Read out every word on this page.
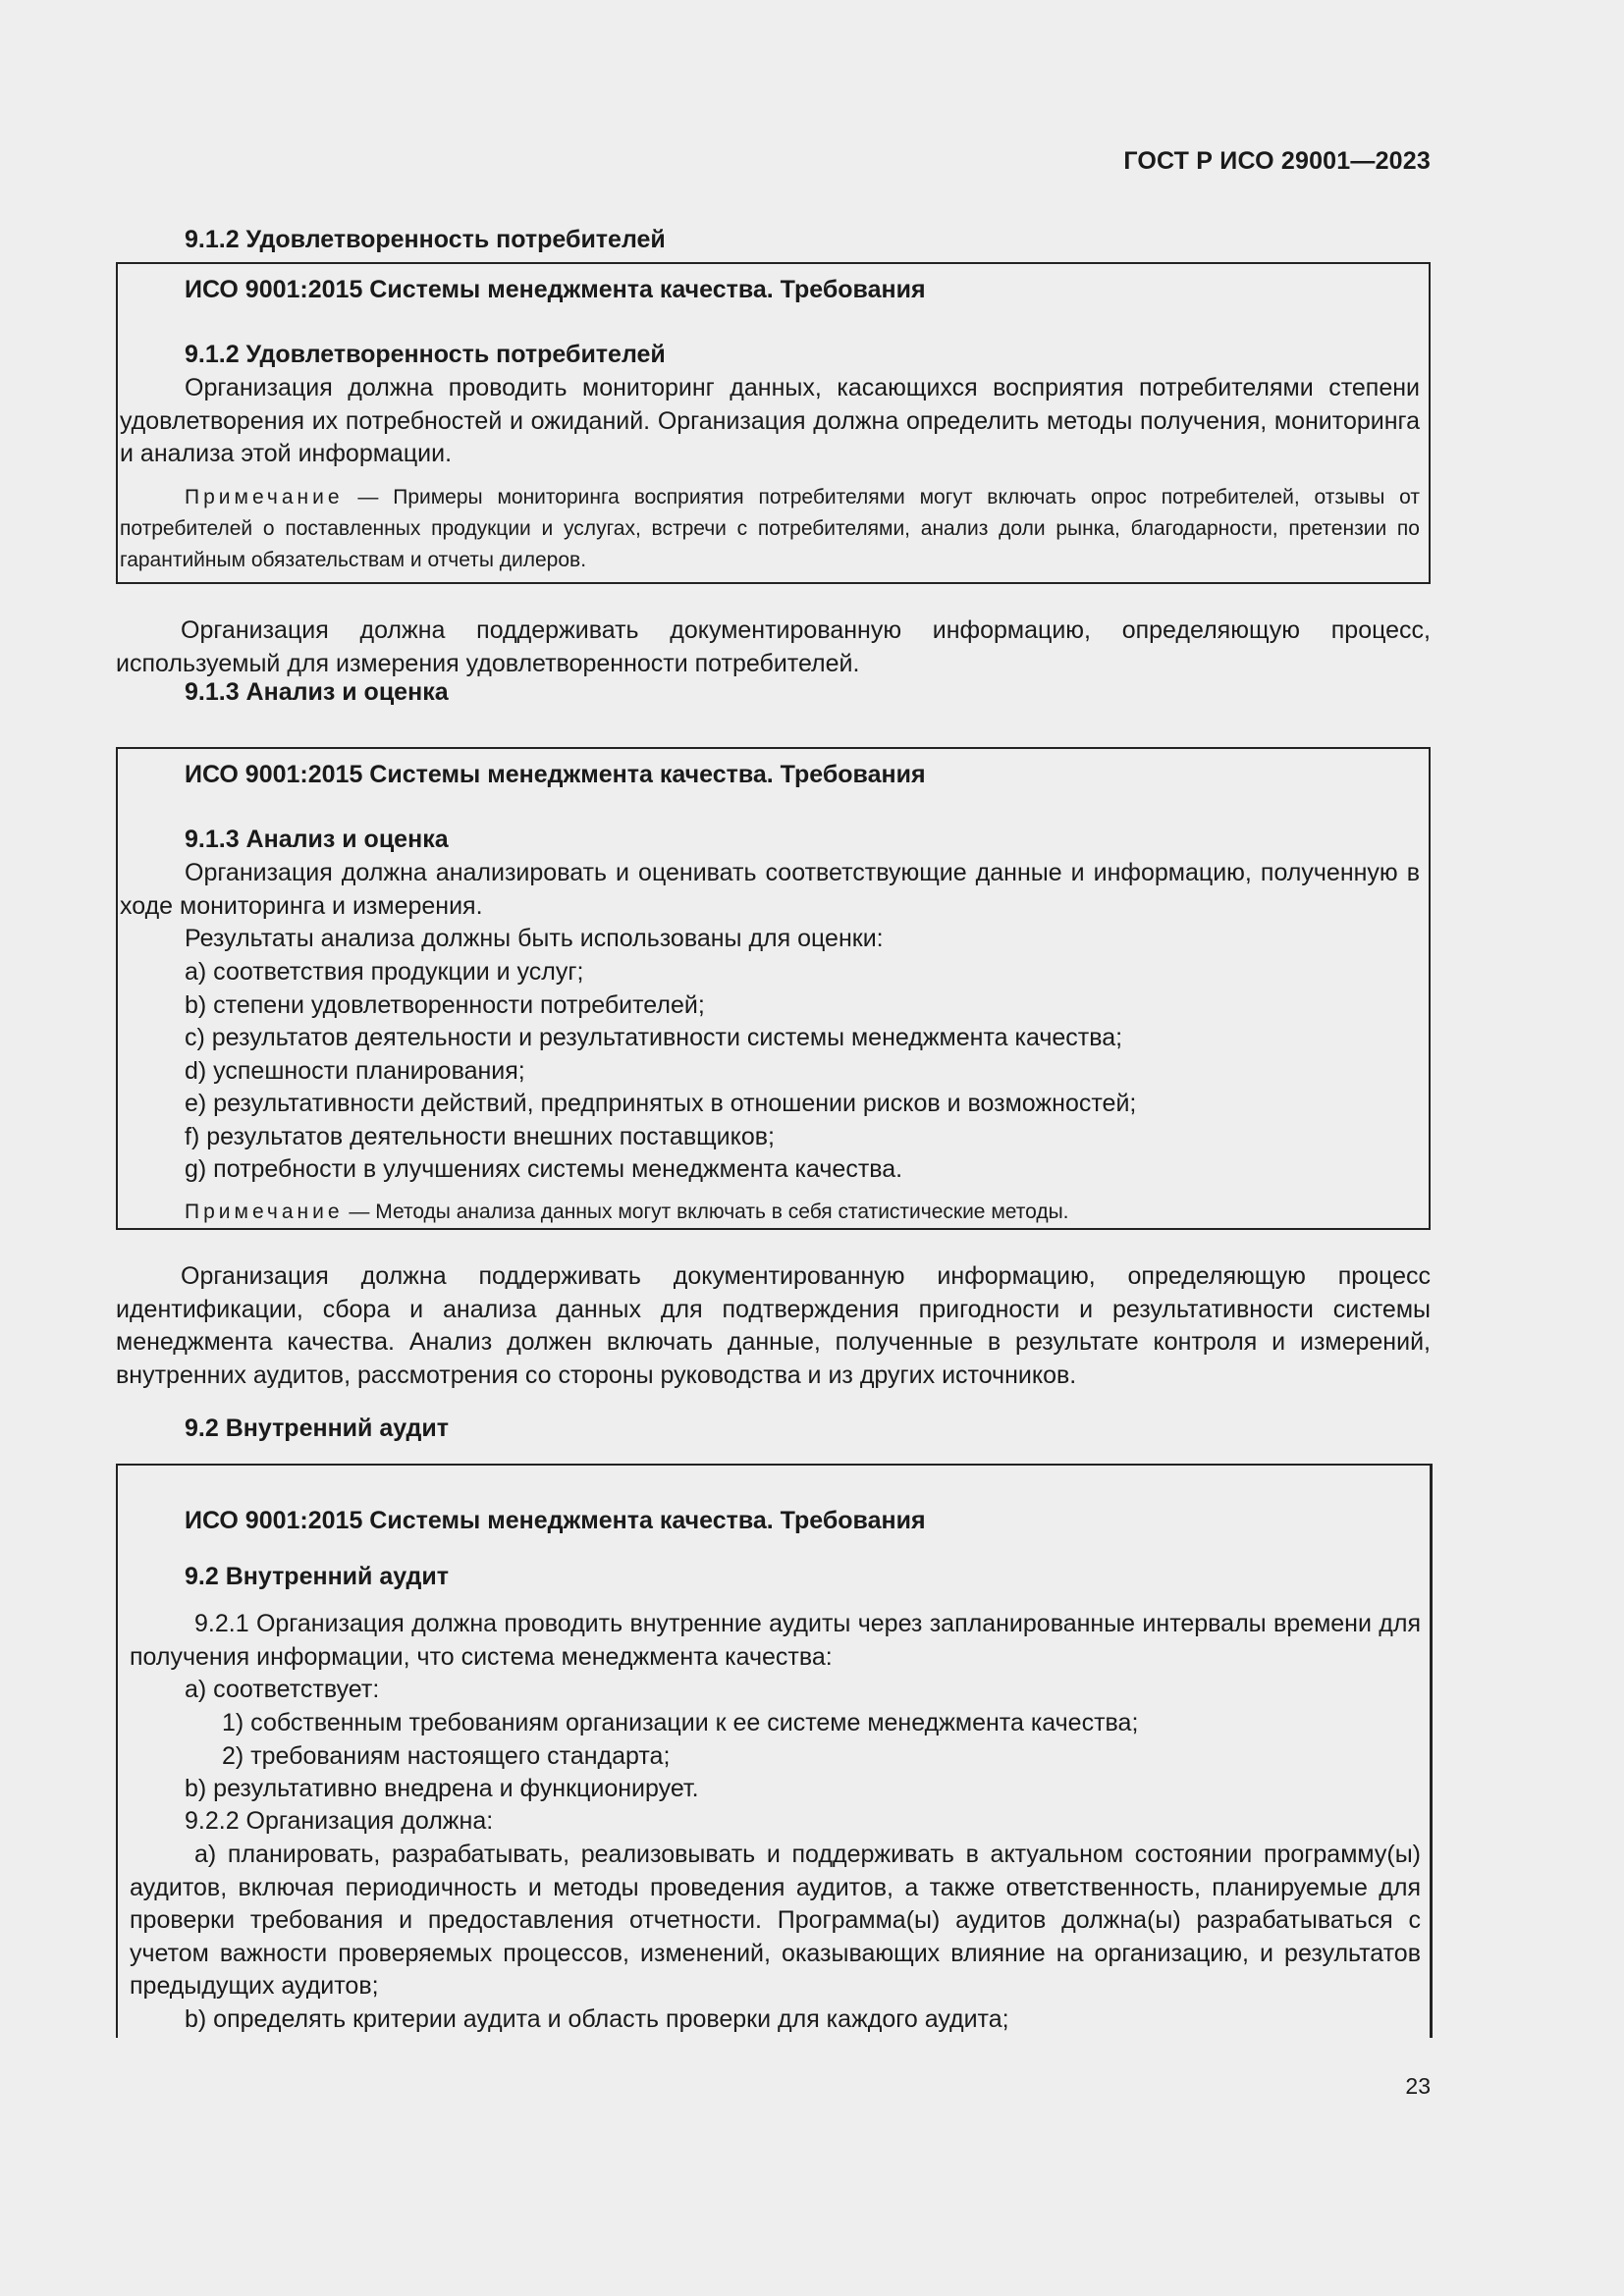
ГОСТ Р ИСО 29001—2023
9.1.2 Удовлетворенность потребителей
ИСО 9001:2015 Системы менеджмента качества. Требования
9.1.2 Удовлетворенность потребителей

Организация должна проводить мониторинг данных, касающихся восприятия потребителями степени удовлетворения их потребностей и ожиданий. Организация должна определить методы получения, мониторинга и анализа этой информации.

Примечание — Примеры мониторинга восприятия потребителями могут включать опрос потребителей, отзывы от потребителей о поставленных продукции и услугах, встречи с потребителями, анализ доли рынка, благодарности, претензии по гарантийным обязательствам и отчеты дилеров.

Организация должна поддерживать документированную информацию, определяющую процесс, используемый для измерения удовлетворенности потребителей.

9.1.3 Анализ и оценка
ИСО 9001:2015 Системы менеджмента качества. Требования
9.1.3 Анализ и оценка

Организация должна анализировать и оценивать соответствующие данные и информацию, полученную в ходе мониторинга и измерения.

Результаты анализа должны быть использованы для оценки:

a) соответствия продукции и услуг;
b) степени удовлетворенности потребителей;
c) результатов деятельности и результативности системы менеджмента качества;
d) успешности планирования;
e) результативности действий, предпринятых в отношении рисков и возможностей;
f) результатов деятельности внешних поставщиков;
g) потребности в улучшениях системы менеджмента качества.

Примечание — Методы анализа данных могут включать в себя статистические методы.

Организация должна поддерживать документированную информацию, определяющую процесс идентификации, сбора и анализа данных для подтверждения пригодности и результативности системы менеджмента качества. Анализ должен включать данные, полученные в результате контроля и измерений, внутренних аудитов, рассмотрения со стороны руководства и из других источников.

9.2 Внутренний аудит
ИСО 9001:2015 Системы менеджмента качества. Требования
9.2 Внутренний аудит

9.2.1 Организация должна проводить внутренние аудиты через запланированные интервалы времени для получения информации, что система менеджмента качества:

a) соответствует:
1) собственным требованиям организации к ее системе менеджмента качества;
2) требованиям настоящего стандарта;
b) результативно внедрена и функционирует.
9.2.2 Организация должна:

a) планировать, разрабатывать, реализовывать и поддерживать в актуальном состоянии программу(ы) аудитов, включая периодичность и методы проведения аудитов, а также ответственность, планируемые для проверки требования и предоставления отчетности. Программа(ы) аудитов должна(ы) разрабатываться с учетом важности проверяемых процессов, изменений, оказывающих влияние на организацию, и результатов предыдущих аудитов;

b) определять критерии аудита и область проверки для каждого аудита;
23
